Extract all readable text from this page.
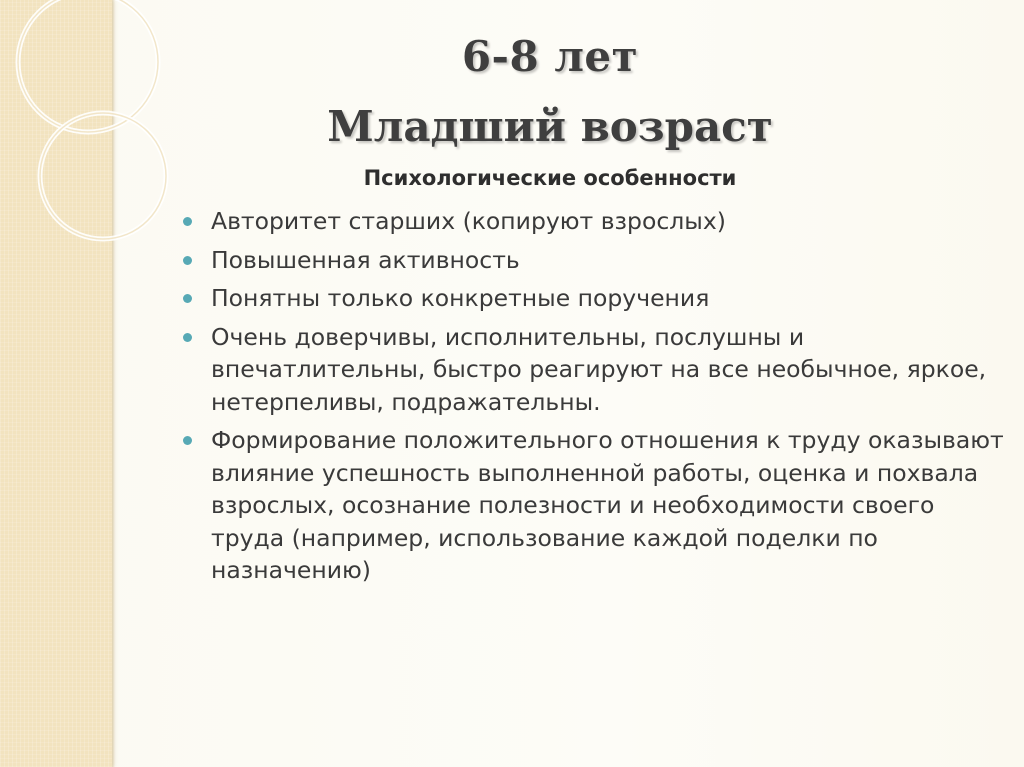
6-8 лет
Младший возраст
Психологические особенности
Авторитет старших (копируют взрослых)
Повышенная активность
Понятны только конкретные поручения
Очень доверчивы, исполнительны, послушны и впечатлительны, быстро реагируют на все необычное, яркое, нетерпеливы, подражательны.
Формирование положительного отношения к труду оказывают влияние успешность выполненной работы, оценка и похвала взрослых, осознание полезности и необходимости своего труда (например, использование каждой поделки по назначению)
